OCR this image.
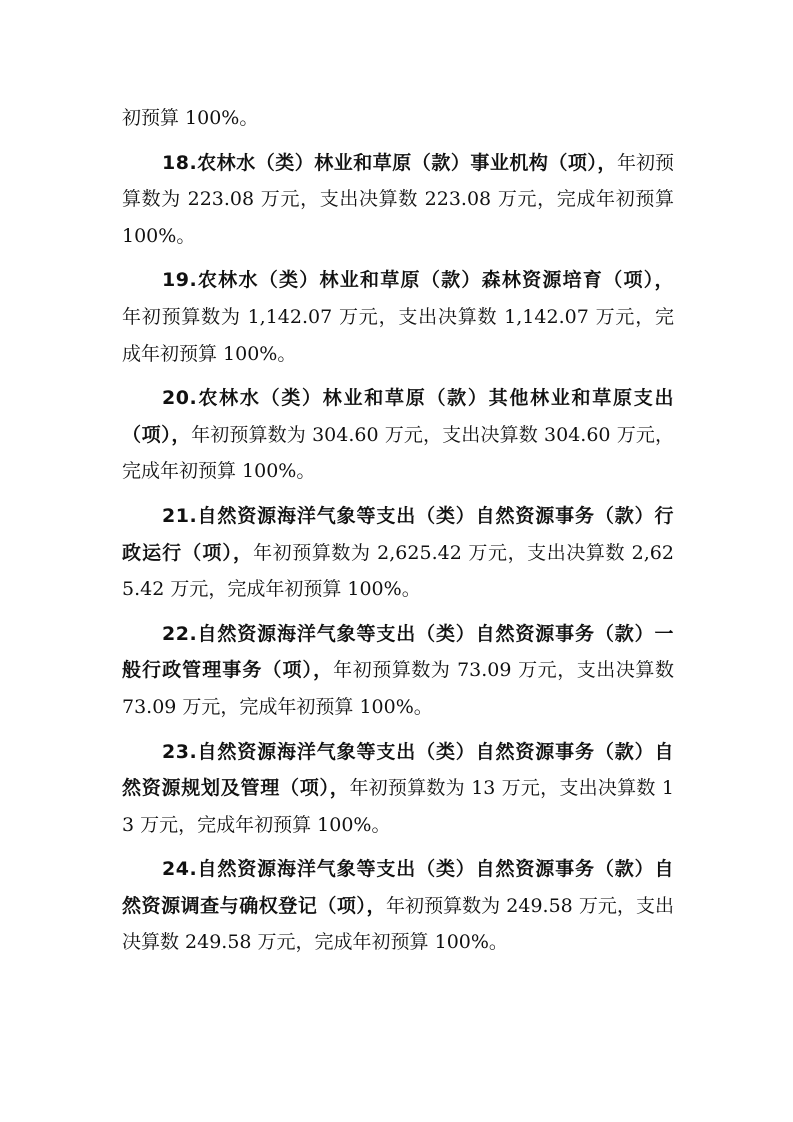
初预算 100%。

18.农林水（类）林业和草原（款）事业机构（项），年初预算数为 223.08 万元，支出决算数 223.08 万元，完成年初预算 100%。

19.农林水（类）林业和草原（款）森林资源培育（项），年初预算数为 1,142.07 万元，支出决算数 1,142.07 万元，完成年初预算 100%。

20.农林水（类）林业和草原（款）其他林业和草原支出（项），年初预算数为 304.60 万元，支出决算数 304.60 万元，完成年初预算 100%。

21.自然资源海洋气象等支出（类）自然资源事务（款）行政运行（项），年初预算数为 2,625.42 万元，支出决算数 2,625.42 万元，完成年初预算 100%。

22.自然资源海洋气象等支出（类）自然资源事务（款）一般行政管理事务（项），年初预算数为 73.09 万元，支出决算数 73.09 万元，完成年初预算 100%。

23.自然资源海洋气象等支出（类）自然资源事务（款）自然资源规划及管理（项），年初预算数为 13 万元，支出决算数 13 万元，完成年初预算 100%。

24.自然资源海洋气象等支出（类）自然资源事务（款）自然资源调查与确权登记（项），年初预算数为 249.58 万元，支出决算数 249.58 万元，完成年初预算 100%。
